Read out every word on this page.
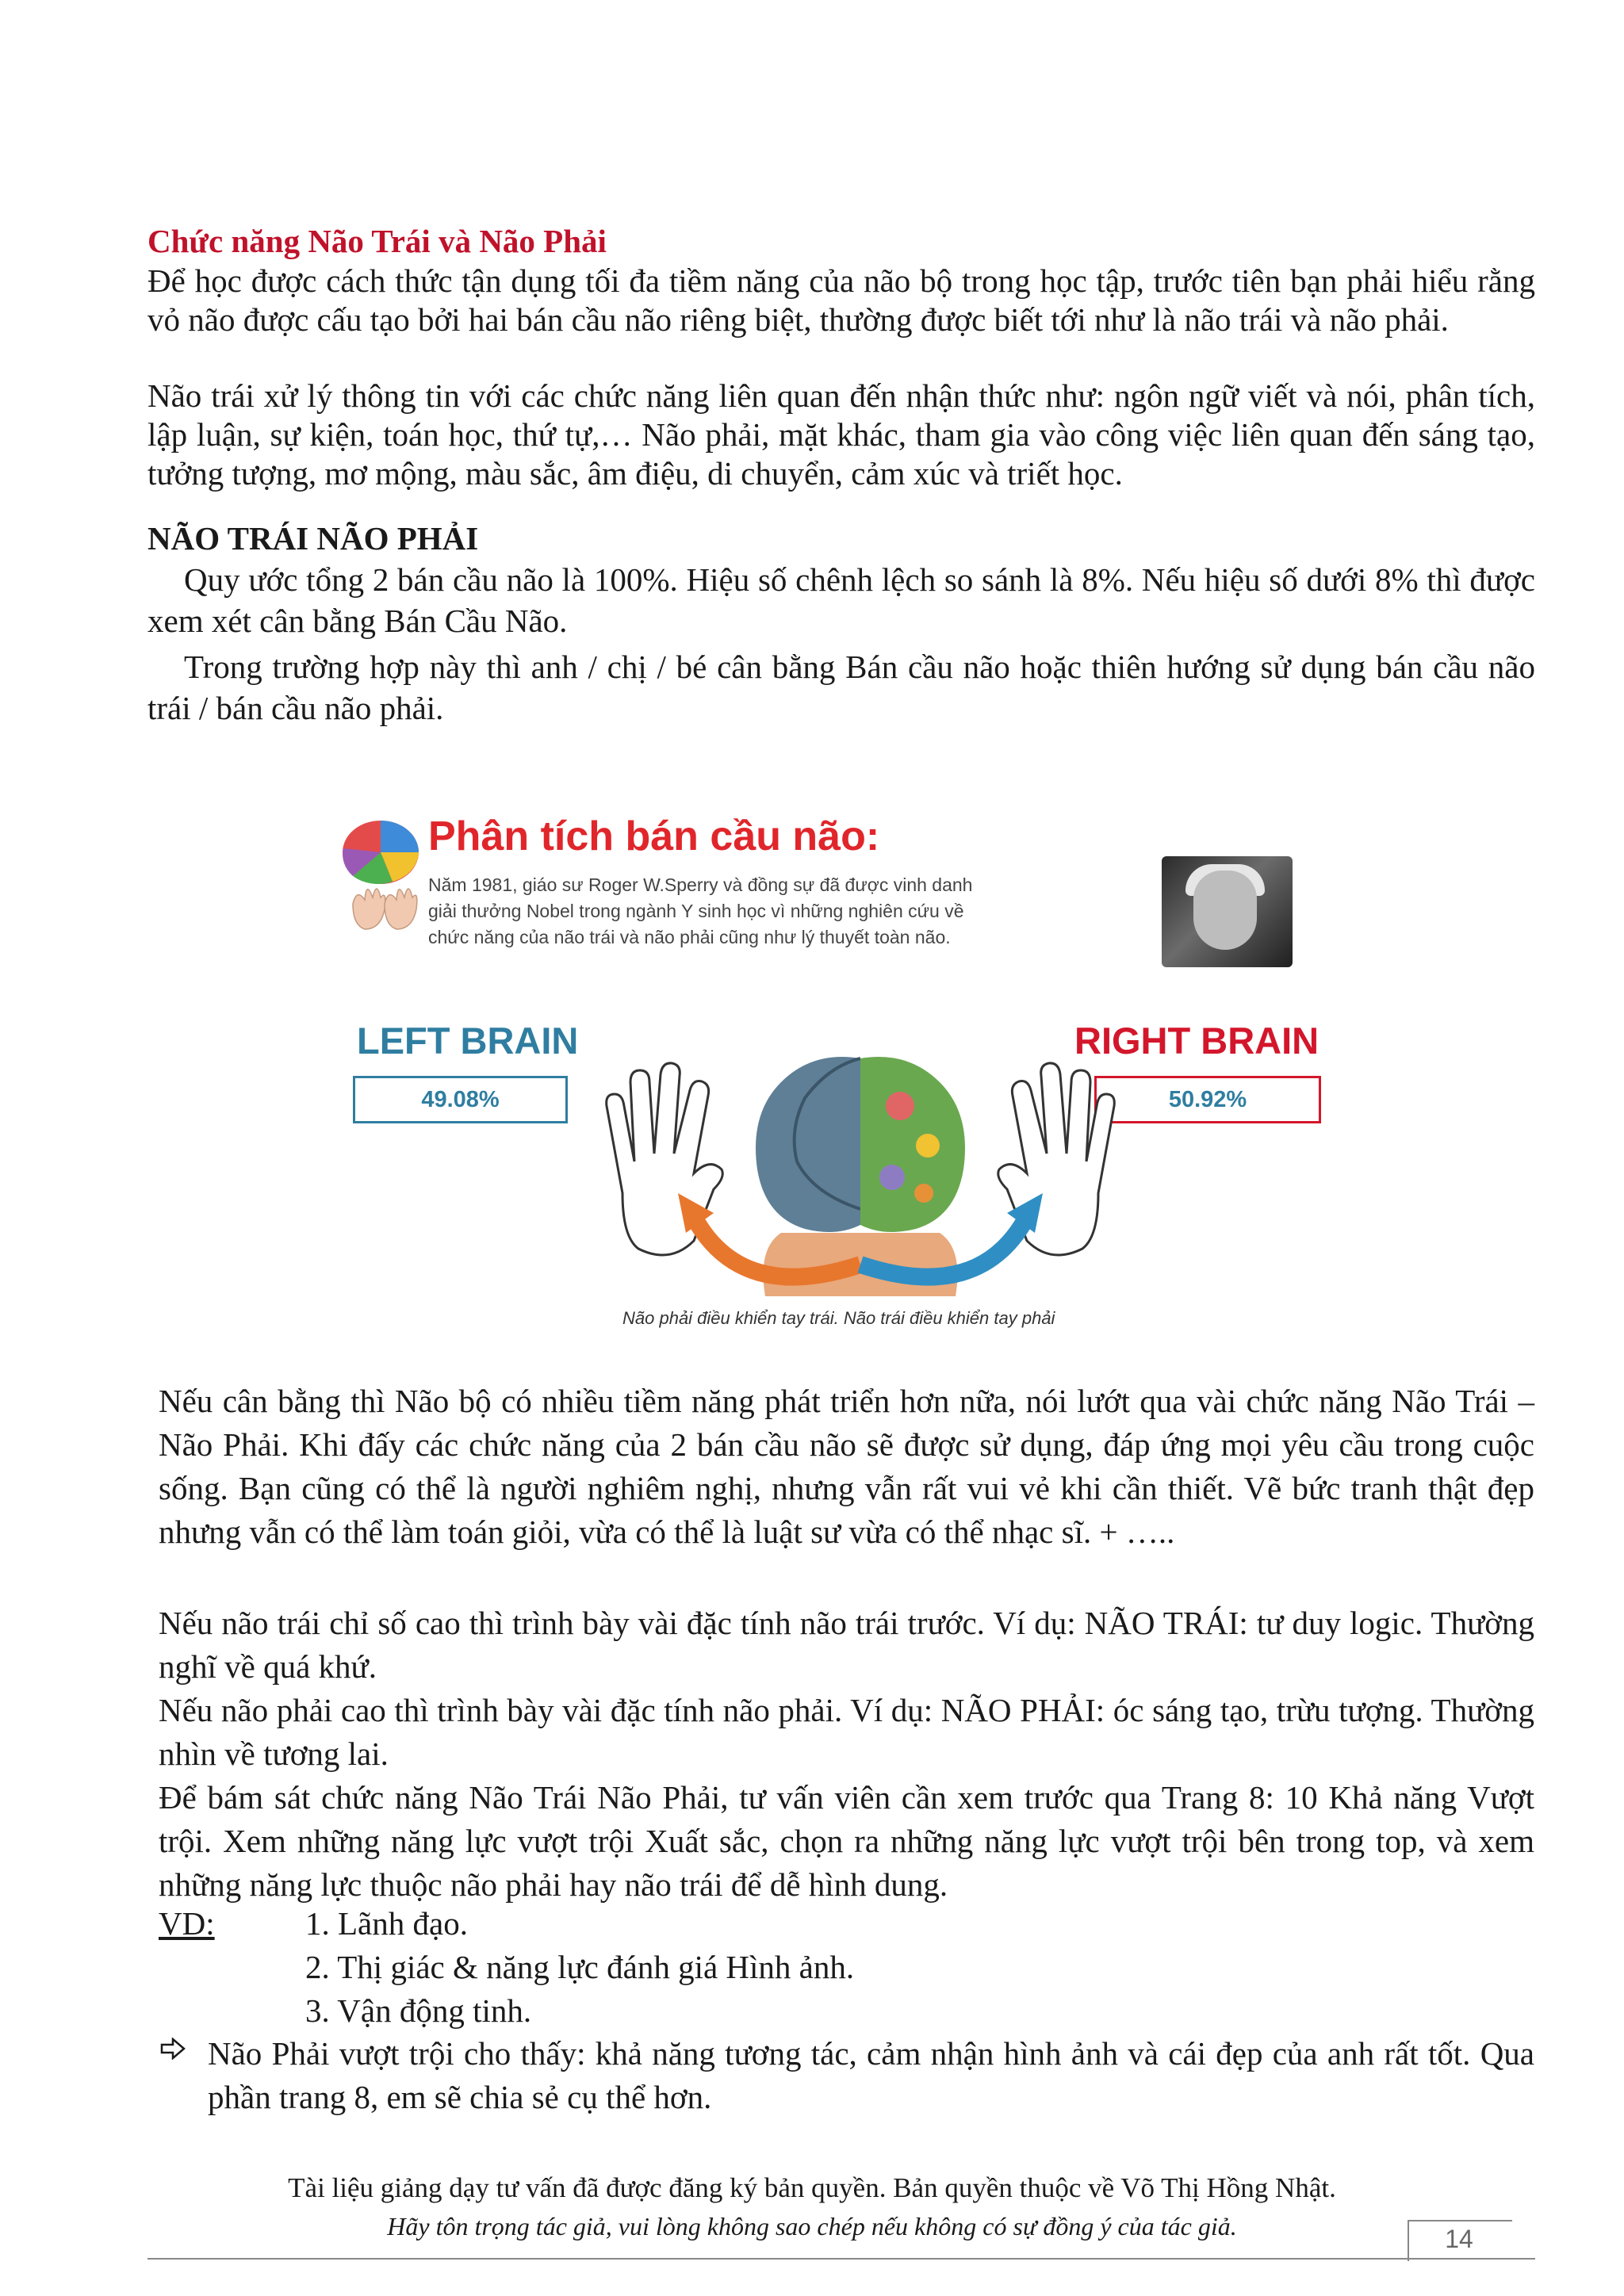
Chức năng Não Trái và Não Phải

Để học được cách thức tận dụng tối đa tiềm năng của não bộ trong học tập, trước tiên bạn phải hiểu rằng vỏ não được cấu tạo bởi hai bán cầu não riêng biệt, thường được biết tới như là não trái và não phải.

Não trái xử lý thông tin với các chức năng liên quan đến nhận thức như: ngôn ngữ viết và nói, phân tích, lập luận, sự kiện, toán học, thứ tự,… Não phải, mặt khác, tham gia vào công việc liên quan đến sáng tạo, tưởng tượng, mơ mộng, màu sắc, âm điệu, di chuyển, cảm xúc và triết học.

NÃO TRÁI NÃO PHẢI

Quy ước tổng 2 bán cầu não là 100%. Hiệu số chênh lệch so sánh là 8%. Nếu hiệu số dưới 8% thì được xem xét cân bằng Bán Cầu Não.

Trong trường hợp này thì anh / chị / bé cân bằng Bán cầu não hoặc thiên hướng sử dụng bán cầu não trái / bán cầu não phải.

Phân tích bán cầu não:
Năm 1981, giáo sư Roger W.Sperry và đồng sự đã được vinh danh giải thưởng Nobel trong ngành Y sinh học vì những nghiên cứu về chức năng của não trái và não phải cũng như lý thuyết toàn não.
LEFT BRAIN
49.08%
RIGHT BRAIN
50.92%
Tay trái	Tay phải
Não phải điều khiển tay trái. Não trái điều khiển tay phải

Nếu cân bằng thì Não bộ có nhiều tiềm năng phát triển hơn nữa, nói lướt qua vài chức năng Não Trái – Não Phải. Khi đấy các chức năng của 2 bán cầu não sẽ được sử dụng, đáp ứng mọi yêu cầu trong cuộc sống. Bạn cũng có thể là người nghiêm nghị, nhưng vẫn rất vui vẻ khi cần thiết. Vẽ bức tranh thật đẹp nhưng vẫn có thể làm toán giỏi, vừa có thể là luật sư vừa có thể nhạc sĩ. + …..

Nếu não trái chỉ số cao thì trình bày vài đặc tính não trái trước. Ví dụ: NÃO TRÁI: tư duy logic. Thường nghĩ về quá khứ.

Nếu não phải cao thì trình bày vài đặc tính não phải. Ví dụ: NÃO PHẢI: óc sáng tạo, trừu tượng. Thường nhìn về tương lai.

Để bám sát chức năng Não Trái Não Phải, tư vấn viên cần xem trước qua Trang 8: 10 Khả năng Vượt trội. Xem những năng lực vượt trội Xuất sắc, chọn ra những năng lực vượt trội bên trong top, và xem những năng lực thuộc não phải hay não trái để dễ hình dung.

VD:	1. Lãnh đạo.
2. Thị giác & năng lực đánh giá Hình ảnh.
3. Vận động tinh.

Não Phải vượt trội cho thấy: khả năng tương tác, cảm nhận hình ảnh và cái đẹp của anh rất tốt. Qua phần trang 8, em sẽ chia sẻ cụ thể hơn.

Tài liệu giảng dạy tư vấn đã được đăng ký bản quyền. Bản quyền thuộc về Võ Thị Hồng Nhật.
Hãy tôn trọng tác giả, vui lòng không sao chép nếu không có sự đồng ý của tác giả.	14
